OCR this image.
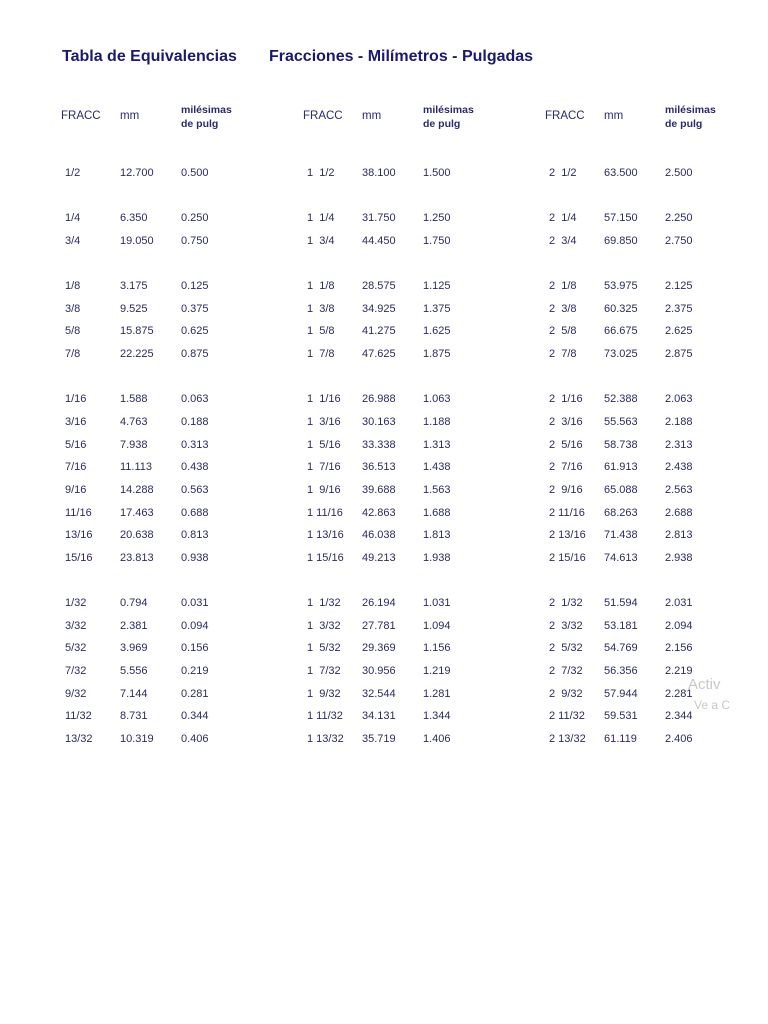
Tabla de Equivalencias Fracciones - Milímetros - Pulgadas
FRACC mm	milésimas
de pulg
FRACC mm	milésimas
de pulg
FRACC mm	milésimas
de pulg
1/2	12.700 0.500
1/4	6.350	0.250
3/4	19.050 0.750
1/8	3.175	0.125
3/8	9.525	0.375
5/8	15.875 0.625
7/8	22.225 0.875
1/16	1.588	0.063
3/16	4.763	0.188
5/16	7.938	0.313
7/16	11.113	0.438
9/16	14.288 0.563
11/16	17.463 0.688
13/16 20.638 0.813
15/16 23.813 0.938
1/32	0.794	0.031
3/32	2.381	0.094
5/32	3.969	0.156
7/32	5.556	0.219
9/32	7.144	0.281
11/32	8.731	0.344
13/32 10.319 0.406
1  1/2 38.100 1.500
1  1/4 31.750 1.250
1  3/4 44.450 1.750
1  1/8 28.575 1.125
1  3/8 34.925 1.375
1  5/8 41.275 1.625
1  7/8 47.625 1.875
1  1/16 26.988 1.063
1  3/16 30.163 1.188
1  5/16 33.338 1.313
1  7/16 36.513 1.438
1  9/16 39.688 1.563
1 11/16 42.863 1.688
1 13/16 46.038 1.813
1 15/16 49.213 1.938
1  1/32 26.194 1.031
1  3/32 27.781 1.094
1  5/32 29.369 1.156
1  7/32 30.956 1.219
1  9/32 32.544 1.281
1 11/32 34.131 1.344
1 13/32 35.719 1.406
2  1/2 63.500 2.500
2  1/4 57.150 2.250
2  3/4 69.850 2.750
2  1/8 53.975 2.125
2  3/8 60.325 2.375
2  5/8 66.675 2.625
2  7/8 73.025 2.875
2  1/16 52.388 2.063
2  3/16 55.563 2.188
2  5/16 58.738 2.313
2  7/16 61.913 2.438
2  9/16 65.088 2.563
2 11/16 68.263 2.688
2 13/16 71.438 2.813
2 15/16 74.613 2.938
2  1/32 51.594 2.031
2  3/32 53.181 2.094
2  5/32 54.769 2.156
2  7/32 56.356 2.219
2  9/32 57.944 2.281
2 11/32 59.531 2.344
2 13/32 61.119	2.406
Activ
Ve a C
